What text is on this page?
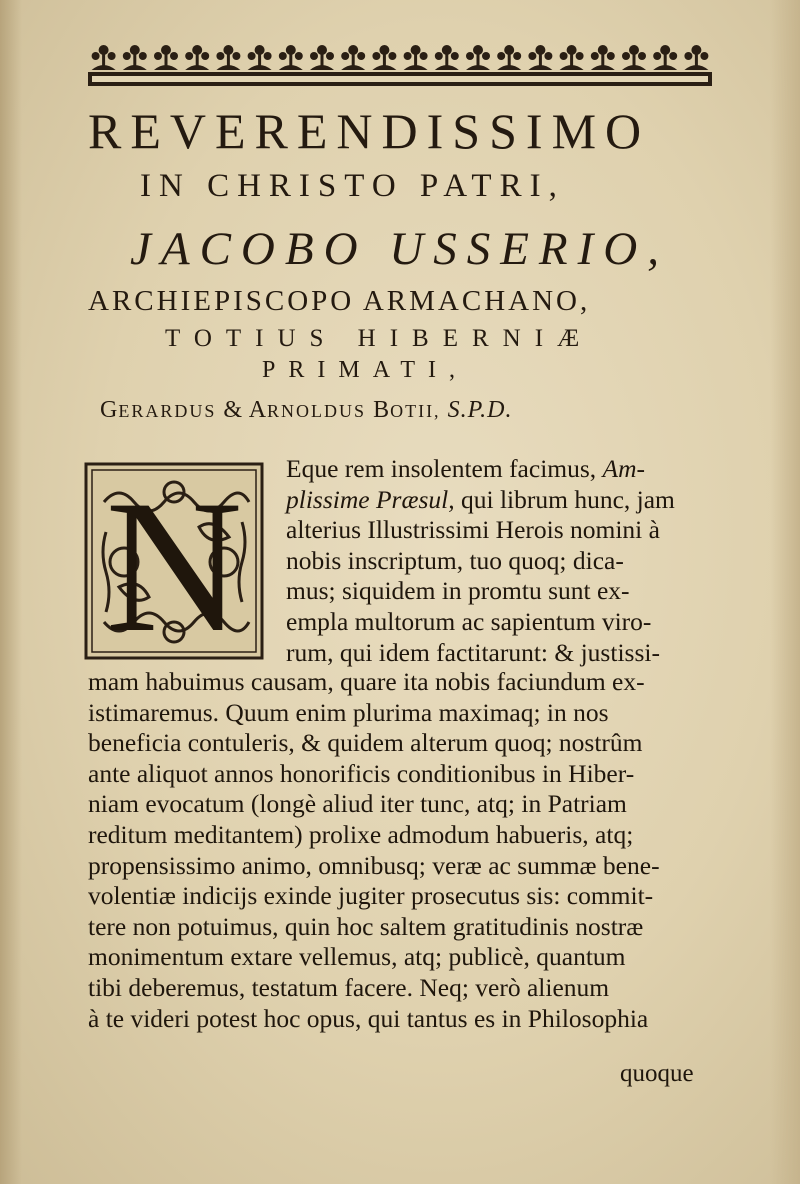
REVERENDISSIMO
IN CHRISTO PATRI,
JACOBO USSERIO,
ARCHIEPISCOPO ARMACHANO,
TOTIUS HIBERNIÆ
PRIMATI,
GERARDUS & ARNOLDUS BOTII, S.P.D.
N Eque rem insolentem facimus, Am-
plissime Præsul, qui librum hunc, jam
alterius Illustrissimi Herois nomini à
nobis inscriptum, tuo quoq; dica-
mus; siquidem in promtu sunt ex-
empla multorum ac sapientum viro-
rum, qui idem factitarunt: & justissi-
mam habuimus causam, quare ita nobis faciundum ex-
istimaremus. Quum enim plurima maximaq; in nos
beneficia contuleris, & quidem alterum quoq; nostrûm
ante aliquot annos honorificis conditionibus in Hiber-
niam evocatum (longè aliud iter tunc, atq; in Patriam
reditum meditantem) prolixe admodum habueris, atq;
propensissimo animo, omnibusq; veræ ac summæ bene-
volentiæ indicijs exinde jugiter prosecutus sis: commit-
tere non potuimus, quin hoc saltem gratitudinis nostræ
monimentum extare vellemus, atq; publicè, quantum
tibi deberemus, testatum facere. Neq; verò alienum
à te videri potest hoc opus, qui tantus es in Philosophia
quoque
